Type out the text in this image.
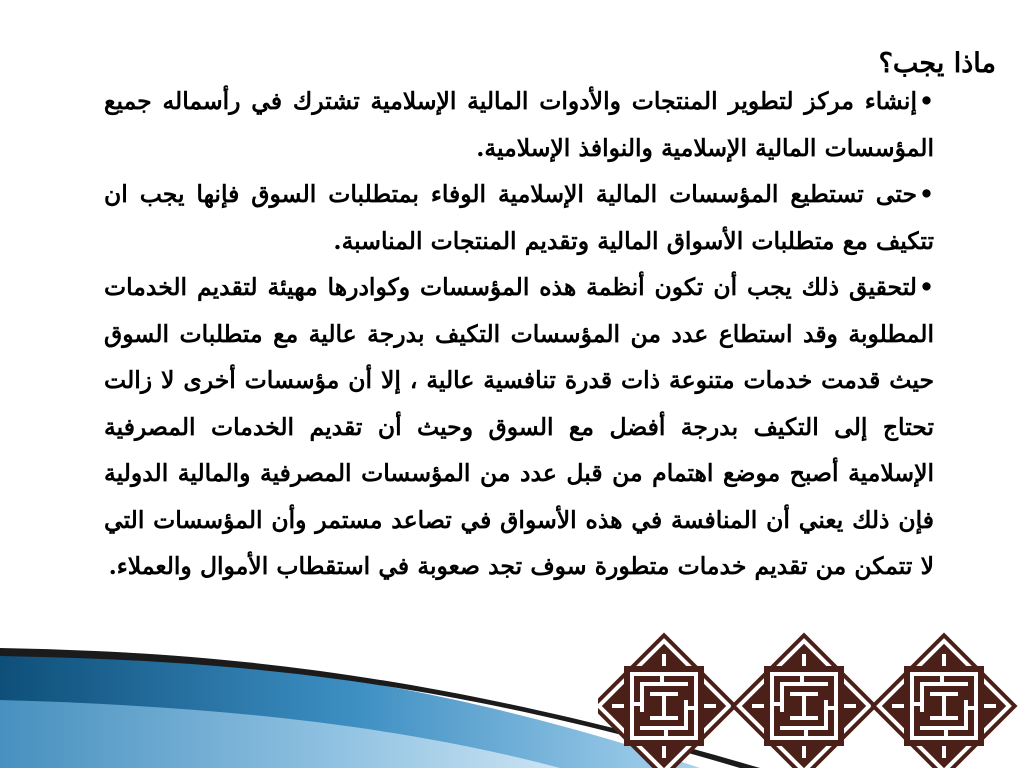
ماذا يجب؟

•إنشاء مركز لتطوير المنتجات والأدوات المالية الإسلامية تشترك في رأسماله جميع المؤسسات المالية الإسلامية والنوافذ الإسلامية.

•حتى تستطيع المؤسسات المالية الإسلامية الوفاء بمتطلبات السوق فإنها يجب ان تتكيف مع متطلبات الأسواق المالية وتقديم المنتجات المناسبة.

•لتحقيق ذلك يجب أن تكون أنظمة هذه المؤسسات وكوادرها مهيئة لتقديم الخدمات المطلوبة وقد استطاع عدد من المؤسسات التكيف بدرجة عالية مع متطلبات السوق حيث قدمت خدمات متنوعة ذات قدرة تنافسية عالية ، إلا أن مؤسسات أخرى لا زالت تحتاج إلى التكيف بدرجة أفضل مع السوق وحيث أن تقديم الخدمات المصرفية الإسلامية أصبح موضع اهتمام من قبل عدد من المؤسسات المصرفية والمالية الدولية فإن ذلك يعني أن المنافسة في هذه الأسواق في تصاعد مستمر وأن المؤسسات التي لا تتمكن من تقديم خدمات متطورة سوف تجد صعوبة في استقطاب الأموال والعملاء.
